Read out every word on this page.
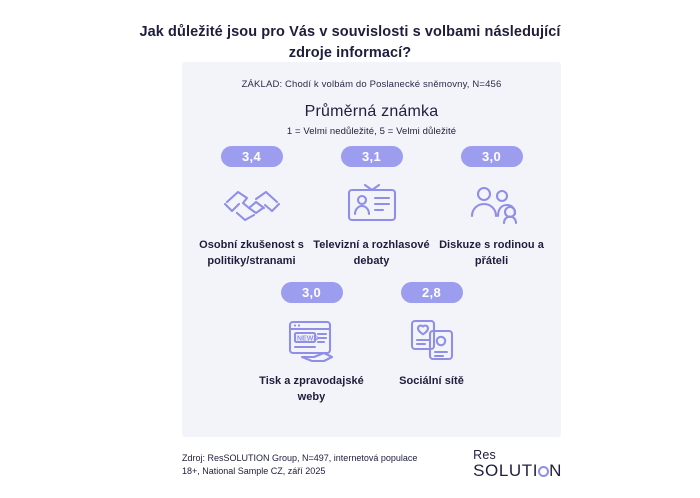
Jak důležité jsou pro Vás v souvislosti s volbami následující zdroje informací?
ZÁKLAD: Chodí k volbám do Poslanecké sněmovny, N=456
Průměrná známka
1 = Velmi nedůležité, 5 = Velmi důležité
3,4
Osobní zkušenost s politiky/stranami
3,1
Televizní a rozhlasové debaty
3,0
Diskuze s rodinou a přáteli
3,0
NEWS
Tisk a zpravodajské weby
2,8
Sociální sítě
Zdroj: ResSOLUTION Group, N=497, internetová populace 18+, National Sample CZ, září 2025
Res
SOLUTI N
